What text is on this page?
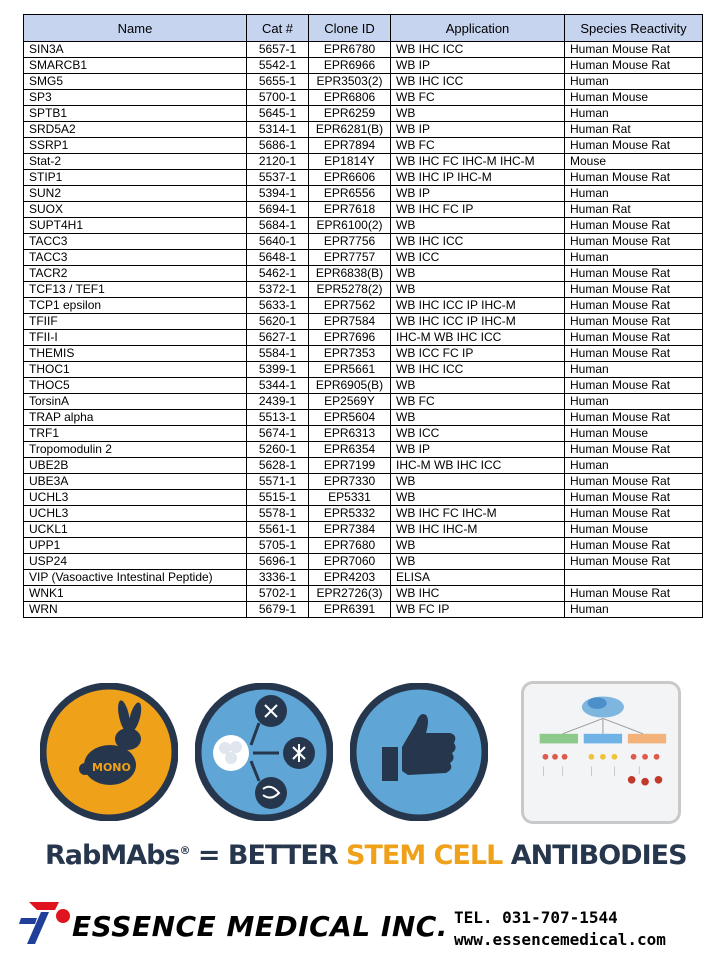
Name	Cat #	Clone ID	Application	Species Reactivity
SIN3A	5657-1	EPR6780	WB IHC ICC	Human Mouse Rat
SMARCB1	5542-1	EPR6966	WB IP	Human Mouse Rat
SMG5	5655-1	EPR3503(2)	WB IHC ICC	Human
SP3	5700-1	EPR6806	WB FC	Human Mouse
SPTB1	5645-1	EPR6259	WB	Human
SRD5A2	5314-1	EPR6281(B)	WB IP	Human Rat
SSRP1	5686-1	EPR7894	WB FC	Human Mouse Rat
Stat-2	2120-1	EP1814Y	WB IHC FC IHC-M IHC-M	Mouse
STIP1	5537-1	EPR6606	WB IHC IP IHC-M	Human Mouse Rat
SUN2	5394-1	EPR6556	WB IP	Human
SUOX	5694-1	EPR7618	WB IHC FC IP	Human Rat
SUPT4H1	5684-1	EPR6100(2)	WB	Human Mouse Rat
TACC3	5640-1	EPR7756	WB IHC ICC	Human Mouse Rat
TACC3	5648-1	EPR7757	WB ICC	Human
TACR2	5462-1	EPR6838(B)	WB	Human Mouse Rat
TCF13 / TEF1	5372-1	EPR5278(2)	WB	Human Mouse Rat
TCP1 epsilon	5633-1	EPR7562	WB IHC ICC IP IHC-M	Human Mouse Rat
TFIIF	5620-1	EPR7584	WB IHC ICC IP IHC-M	Human Mouse Rat
TFII-I	5627-1	EPR7696	IHC-M WB IHC ICC	Human Mouse Rat
THEMIS	5584-1	EPR7353	WB ICC FC IP	Human Mouse Rat
THOC1	5399-1	EPR5661	WB IHC ICC	Human
THOC5	5344-1	EPR6905(B)	WB	Human Mouse Rat
TorsinA	2439-1	EP2569Y	WB FC	Human
TRAP alpha	5513-1	EPR5604	WB	Human Mouse Rat
TRF1	5674-1	EPR6313	WB ICC	Human Mouse
Tropomodulin 2	5260-1	EPR6354	WB IP	Human Mouse Rat
UBE2B	5628-1	EPR7199	IHC-M WB IHC ICC	Human
UBE3A	5571-1	EPR7330	WB	Human Mouse Rat
UCHL3	5515-1	EP5331	WB	Human Mouse Rat
UCHL3	5578-1	EPR5332	WB IHC FC IHC-M	Human Mouse Rat
UCKL1	5561-1	EPR7384	WB IHC IHC-M	Human Mouse
UPP1	5705-1	EPR7680	WB	Human Mouse Rat
USP24	5696-1	EPR7060	WB	Human Mouse Rat
VIP (Vasoactive Intestinal Peptide)	3336-1	EPR4203	ELISA	
WNK1	5702-1	EPR2726(3)	WB IHC	Human Mouse Rat
WRN	5679-1	EPR6391	WB FC IP	Human
MONO
RabMAbs® = BETTER STEM CELL ANTIBODIES
ESSENCE MEDICAL INC. TEL. 031-707-1544
www.essencemedical.com
